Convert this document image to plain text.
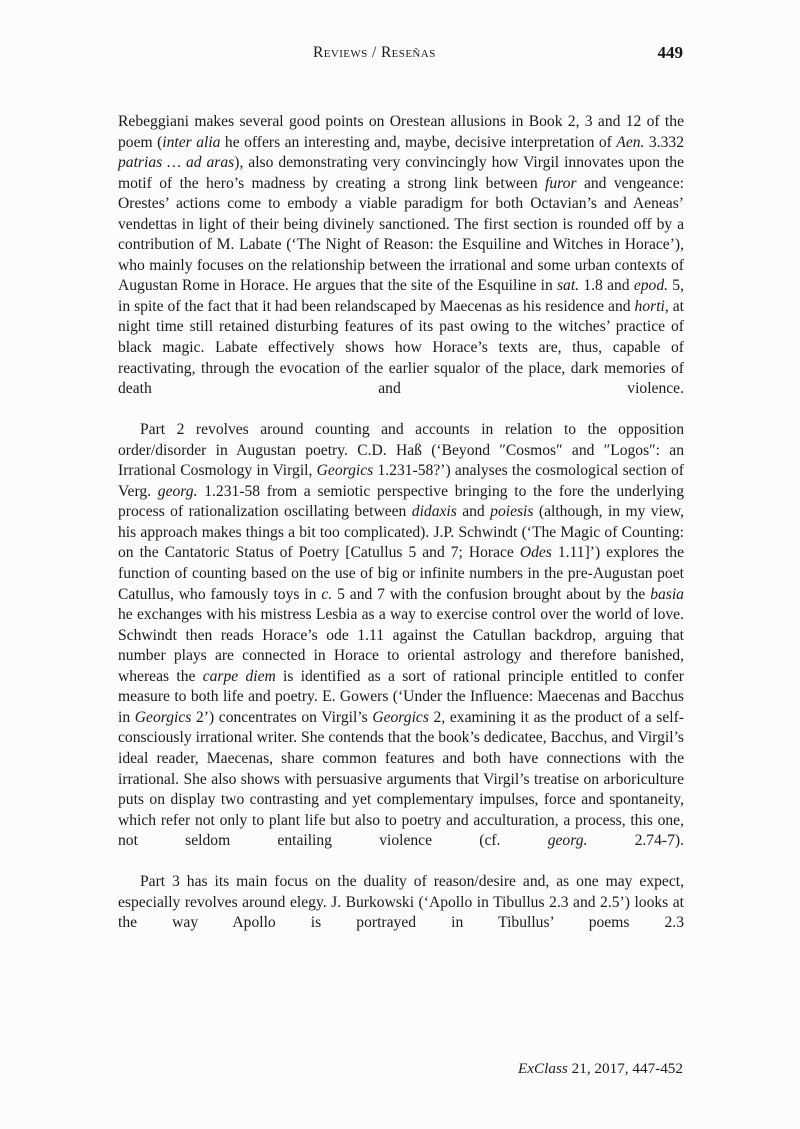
Reviews / Reseñas	449

Rebeggiani makes several good points on Orestean allusions in Book 2, 3 and 12 of the poem (inter alia he offers an interesting and, maybe, decisive interpretation of Aen. 3.332 patrias … ad aras), also demonstrating very convincingly how Virgil innovates upon the motif of the hero’s madness by creating a strong link between furor and vengeance: Orestes’ actions come to embody a viable paradigm for both Octavian’s and Aeneas’ vendettas in light of their being divinely sanctioned. The first section is rounded off by a contribution of M. Labate (‘The Night of Reason: the Esquiline and Witches in Horace’), who mainly focuses on the relationship between the irrational and some urban contexts of Augustan Rome in Horace. He argues that the site of the Esquiline in sat. 1.8 and epod. 5, in spite of the fact that it had been relandscaped by Maecenas as his residence and horti, at night time still retained disturbing features of its past owing to the witches’ practice of black magic. Labate effectively shows how Horace’s texts are, thus, capable of reactivating, through the evocation of the earlier squalor of the place, dark memories of death and violence.

Part 2 revolves around counting and accounts in relation to the opposition order/disorder in Augustan poetry. C.D. Haß (‘Beyond ″Cosmos″ and ″Logos″: an Irrational Cosmology in Virgil, Georgics 1.231-58?’) analyses the cosmological section of Verg. georg. 1.231-58 from a semiotic perspective bringing to the fore the underlying process of rationalization oscillating between didaxis and poiesis (although, in my view, his approach makes things a bit too complicated). J.P. Schwindt (‘The Magic of Counting: on the Cantatoric Status of Poetry [Catullus 5 and 7; Horace Odes 1.11]’) explores the function of counting based on the use of big or infinite numbers in the pre-Augustan poet Catullus, who famously toys in c. 5 and 7 with the confusion brought about by the basia he exchanges with his mistress Lesbia as a way to exercise control over the world of love. Schwindt then reads Horace’s ode 1.11 against the Catullan backdrop, arguing that number plays are connected in Horace to oriental astrology and therefore banished, whereas the carpe diem is identified as a sort of rational principle entitled to confer measure to both life and poetry. E. Gowers (‘Under the Influence: Maecenas and Bacchus in Georgics 2’) concentrates on Virgil’s Georgics 2, examining it as the product of a self-consciously irrational writer. She contends that the book’s dedicatee, Bacchus, and Virgil’s ideal reader, Maecenas, share common features and both have connections with the irrational. She also shows with persuasive arguments that Virgil’s treatise on arboriculture puts on display two contrasting and yet complementary impulses, force and spontaneity, which refer not only to plant life but also to poetry and acculturation, a process, this one, not seldom entailing violence (cf. georg. 2.74-7).

Part 3 has its main focus on the duality of reason/desire and, as one may expect, especially revolves around elegy. J. Burkowski (‘Apollo in Tibullus 2.3 and 2.5’) looks at the way Apollo is portrayed in Tibullus’ poems 2.3

ExClass 21, 2017, 447-452
